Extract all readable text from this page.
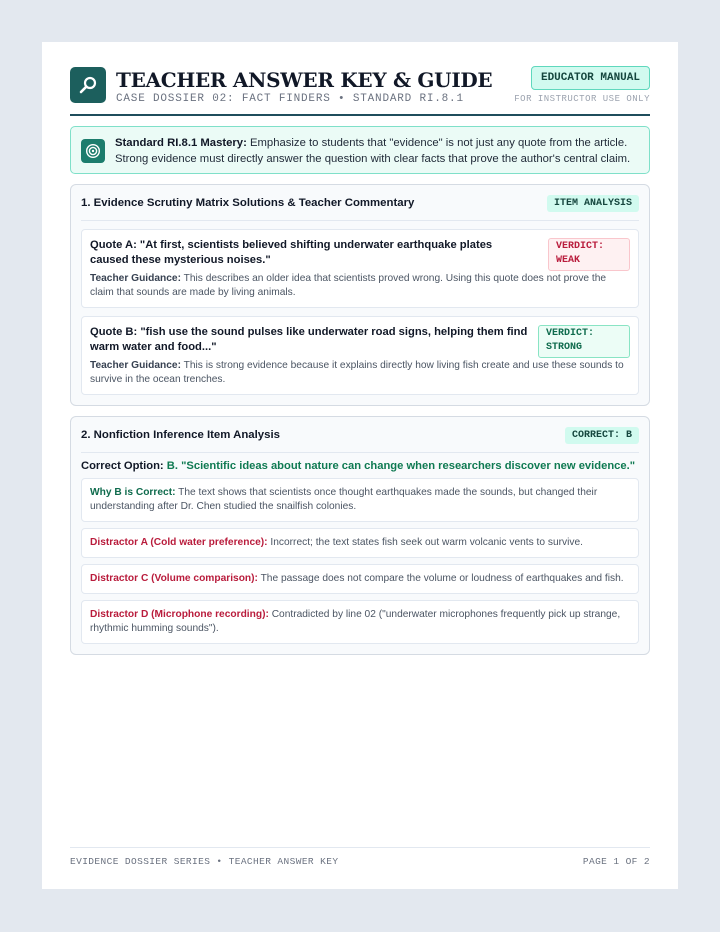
TEACHER ANSWER KEY & GUIDE
CASE DOSSIER 02: FACT FINDERS • STANDARD RI.8.1
EDUCATOR MANUAL
FOR INSTRUCTOR USE ONLY
Standard RI.8.1 Mastery: Emphasize to students that "evidence" is not just any quote from the article. Strong evidence must directly answer the question with clear facts that prove the author's central claim.
1. Evidence Scrutiny Matrix Solutions & Teacher Commentary	ITEM ANALYSIS
Quote A: "At first, scientists believed shifting underwater earthquake plates caused these mysterious noises."
VERDICT: WEAK
Teacher Guidance: This describes an older idea that scientists proved wrong. Using this quote does not prove the claim that sounds are made by living animals.
Quote B: "fish use the sound pulses like underwater road signs, helping them find warm water and food..."
VERDICT: STRONG
Teacher Guidance: This is strong evidence because it explains directly how living fish create and use these sounds to survive in the ocean trenches.
2. Nonfiction Inference Item Analysis	CORRECT: B
Correct Option: B. "Scientific ideas about nature can change when researchers discover new evidence."
Why B is Correct: The text shows that scientists once thought earthquakes made the sounds, but changed their understanding after Dr. Chen studied the snailfish colonies.
Distractor A (Cold water preference): Incorrect; the text states fish seek out warm volcanic vents to survive.
Distractor C (Volume comparison): The passage does not compare the volume or loudness of earthquakes and fish.
Distractor D (Microphone recording): Contradicted by line 02 ("underwater microphones frequently pick up strange, rhythmic humming sounds").
EVIDENCE DOSSIER SERIES • TEACHER ANSWER KEY	PAGE 1 OF 2
